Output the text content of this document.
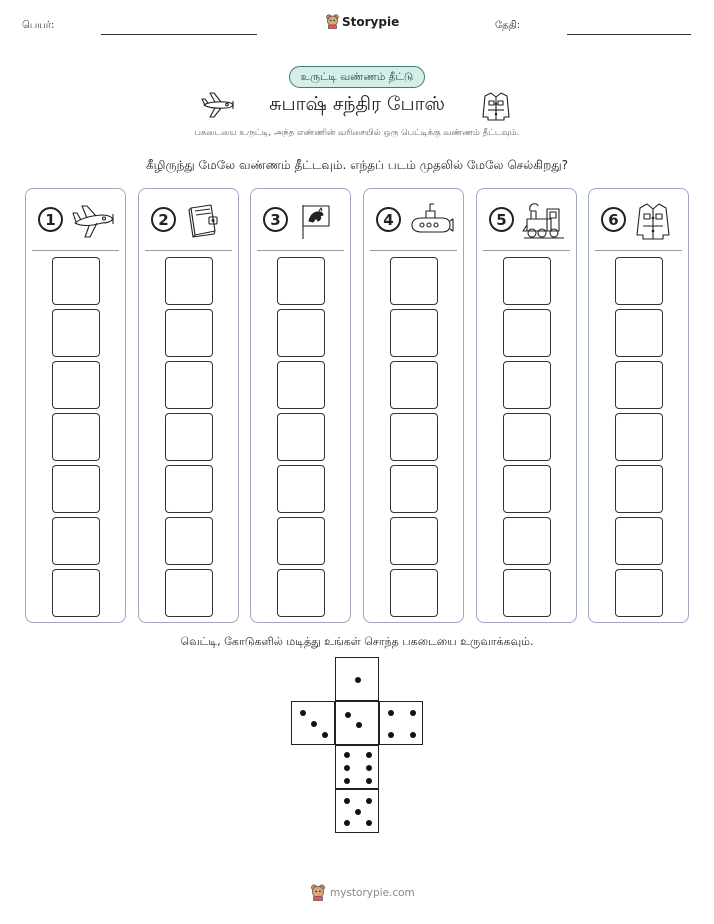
பெயர்:	Storypie	தேதி:
உருட்டி வண்ணம் தீட்டு
சுபாஷ் சந்திர போஸ்
பகடையை உருட்டி, அந்த எண்ணின் வரிசையில் ஒரு பெட்டிக்கு வண்ணம் தீட்டவும்.
கீழிருந்து மேலே வண்ணம் தீட்டவும். எந்தப் படம் முதலில் மேலே செல்கிறது?
1	2	3	4	5	6
வெட்டி, கோடுகளில் மடித்து உங்கள் சொந்த பகடையை உருவாக்கவும்.
mystorypie.com
